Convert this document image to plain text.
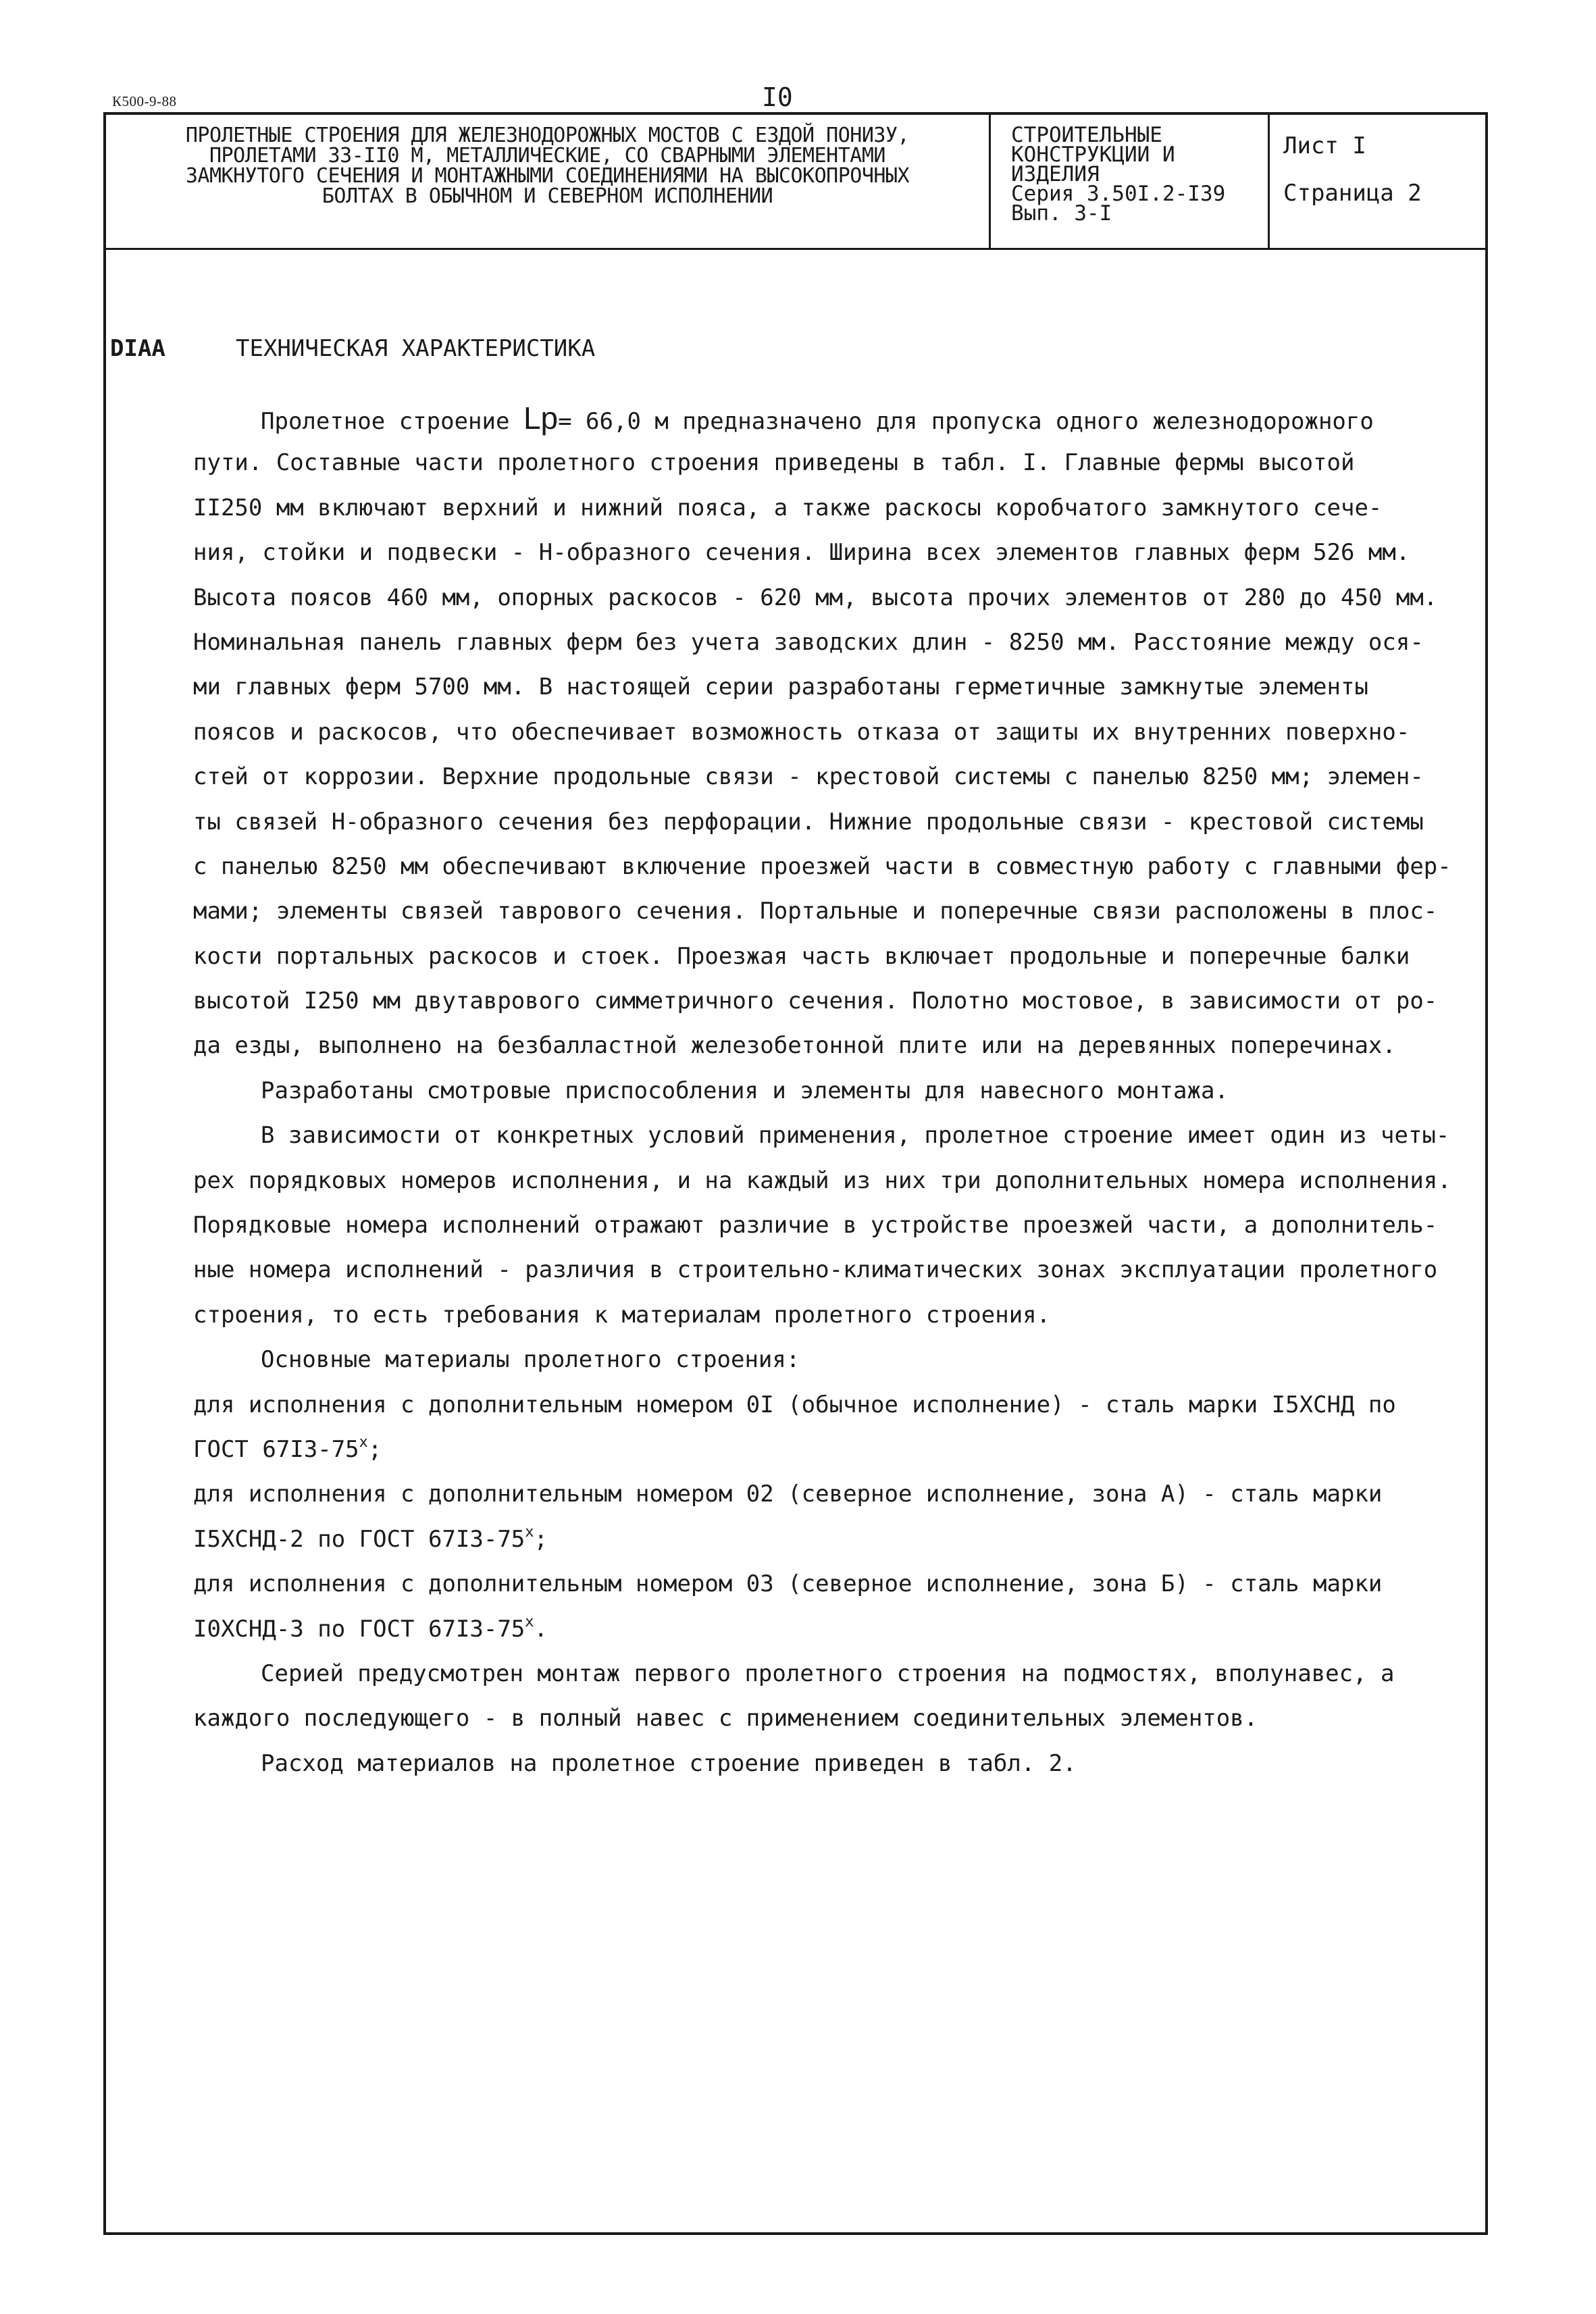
К500-9-88	I0
ПРОЛЕТНЫЕ СТРОЕНИЯ ДЛЯ ЖЕЛЕЗНОДОРОЖНЫХ МОСТОВ С ЕЗДОЙ ПОНИЗУ,
ПРОЛЕТАМИ 33-II0 М, МЕТАЛЛИЧЕСКИЕ, СО СВАРНЫМИ ЭЛЕМЕНТАМИ
ЗАМКНУТОГО СЕЧЕНИЯ И МОНТАЖНЫМИ СОЕДИНЕНИЯМИ НА ВЫСОКОПРОЧНЫХ
БОЛТАХ В ОБЫЧНОМ И СЕВЕРНОМ ИСПОЛНЕНИИ
СТРОИТЕЛЬНЫЕ
КОНСТРУКЦИИ И
ИЗДЕЛИЯ
Серия 3.50I.2-I39
Вып. 3-I
Лист I
Страница 2
DIAA	ТЕХНИЧЕСКАЯ ХАРАКТЕРИСТИКА
Пролетное строение Lp= 66,0 м предназначено для пропуска одного железнодорожного
пути. Составные части пролетного строения приведены в табл. I. Главные фермы высотой
II250 мм включают верхний и нижний пояса, а также раскосы коробчатого замкнутого сече-
ния, стойки и подвески - Н-образного сечения. Ширина всех элементов главных ферм 526 мм.
Высота поясов 460 мм, опорных раскосов - 620 мм, высота прочих элементов от 280 до 450 мм.
Номинальная панель главных ферм без учета заводских длин - 8250 мм. Расстояние между ося-
ми главных ферм 5700 мм. В настоящей серии разработаны герметичные замкнутые элементы
поясов и раскосов, что обеспечивает возможность отказа от защиты их внутренних поверхно-
стей от коррозии. Верхние продольные связи - крестовой системы с панелью 8250 мм; элемен-
ты связей Н-образного сечения без перфорации. Нижние продольные связи - крестовой системы
с панелью 8250 мм обеспечивают включение проезжей части в совместную работу с главными фер-
мами; элементы связей таврового сечения. Портальные и поперечные связи расположены в плос-
кости портальных раскосов и стоек. Проезжая часть включает продольные и поперечные балки
высотой I250 мм двутаврового симметричного сечения. Полотно мостовое, в зависимости от ро-
да езды, выполнено на безбалластной железобетонной плите или на деревянных поперечинах.
Разработаны смотровые приспособления и элементы для навесного монтажа.
В зависимости от конкретных условий применения, пролетное строение имеет один из четы-
рех порядковых номеров исполнения, и на каждый из них три дополнительных номера исполнения.
Порядковые номера исполнений отражают различие в устройстве проезжей части, а дополнитель-
ные номера исполнений - различия в строительно-климатических зонах эксплуатации пролетного
строения, то есть требования к материалам пролетного строения.
Основные материалы пролетного строения:
для исполнения с дополнительным номером 0I (обычное исполнение) - сталь марки I5ХСНД по
ГОСТ $67I3-75^х$;
для исполнения с дополнительным номером 02 (северное исполнение, зона А) - сталь марки
I5ХСНД-2 по ГОСТ $67I3-75^х$;
для исполнения с дополнительным номером 03 (северное исполнение, зона Б) - сталь марки
I0ХСНД-3 по ГОСТ $67I3-75^х$.
Серией предусмотрен монтаж первого пролетного строения на подмостях, вполунавес, а
каждого последующего - в полный навес с применением соединительных элементов.
Расход материалов на пролетное строение приведен в табл. 2.
